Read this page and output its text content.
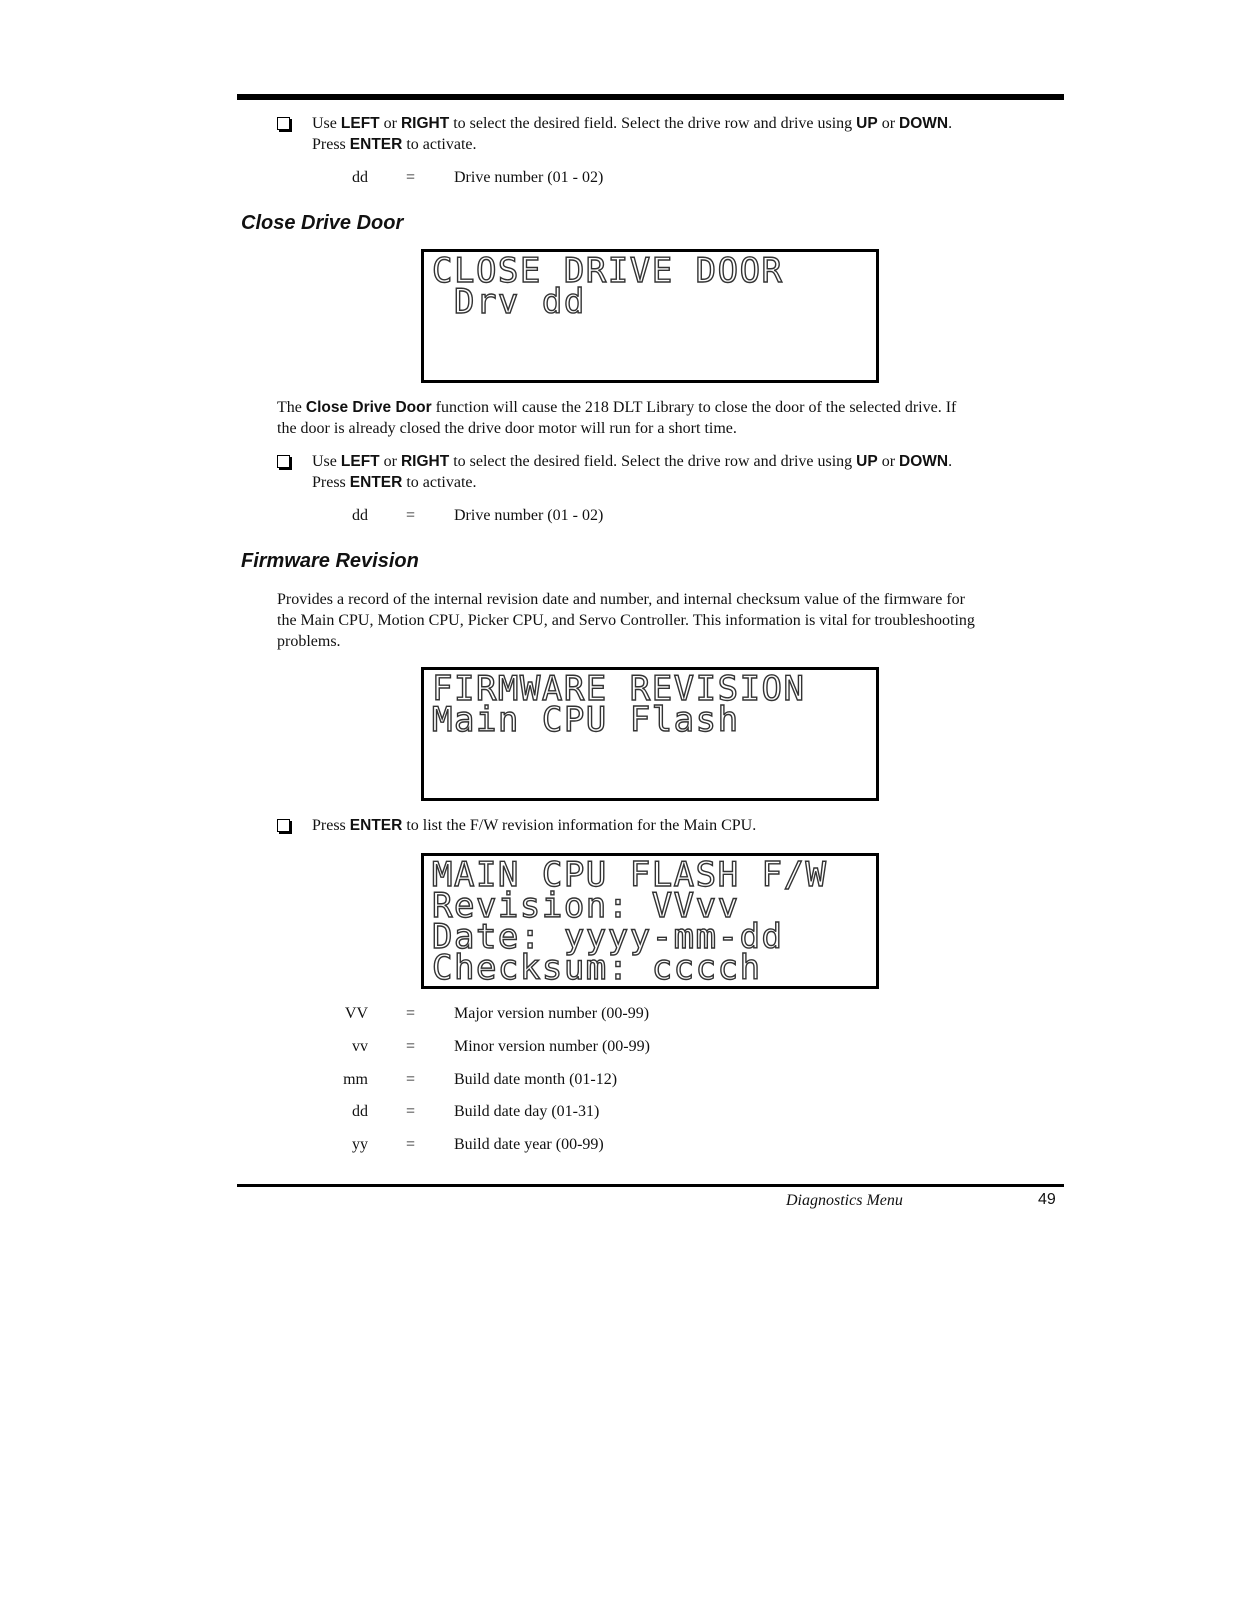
Use LEFT or RIGHT to select the desired field. Select the drive row and drive using UP or DOWN.
Press ENTER to activate.
dd = Drive number (01 - 02)
Close Drive Door
CLOSE DRIVE DOOR
Drv dd
The Close Drive Door function will cause the 218 DLT Library to close the door of the selected drive. If
the door is already closed the drive door motor will run for a short time.
Use LEFT or RIGHT to select the desired field. Select the drive row and drive using UP or DOWN.
Press ENTER to activate.
dd = Drive number (01 - 02)
Firmware Revision
Provides a record of the internal revision date and number, and internal checksum value of the firmware for
the Main CPU, Motion CPU, Picker CPU, and Servo Controller. This information is vital for troubleshooting
problems.
FIRMWARE REVISION
Main CPU Flash
Press ENTER to list the F/W revision information for the Main CPU.
MAIN CPU FLASH F/W
Revision: VVvv
Date: yyyy-mm-dd
Checksum: cccch
VV = Major version number (00-99)
vv = Minor version number (00-99)
mm = Build date month (01-12)
dd = Build date day (01-31)
yy = Build date year (00-99)
Diagnostics Menu	49
